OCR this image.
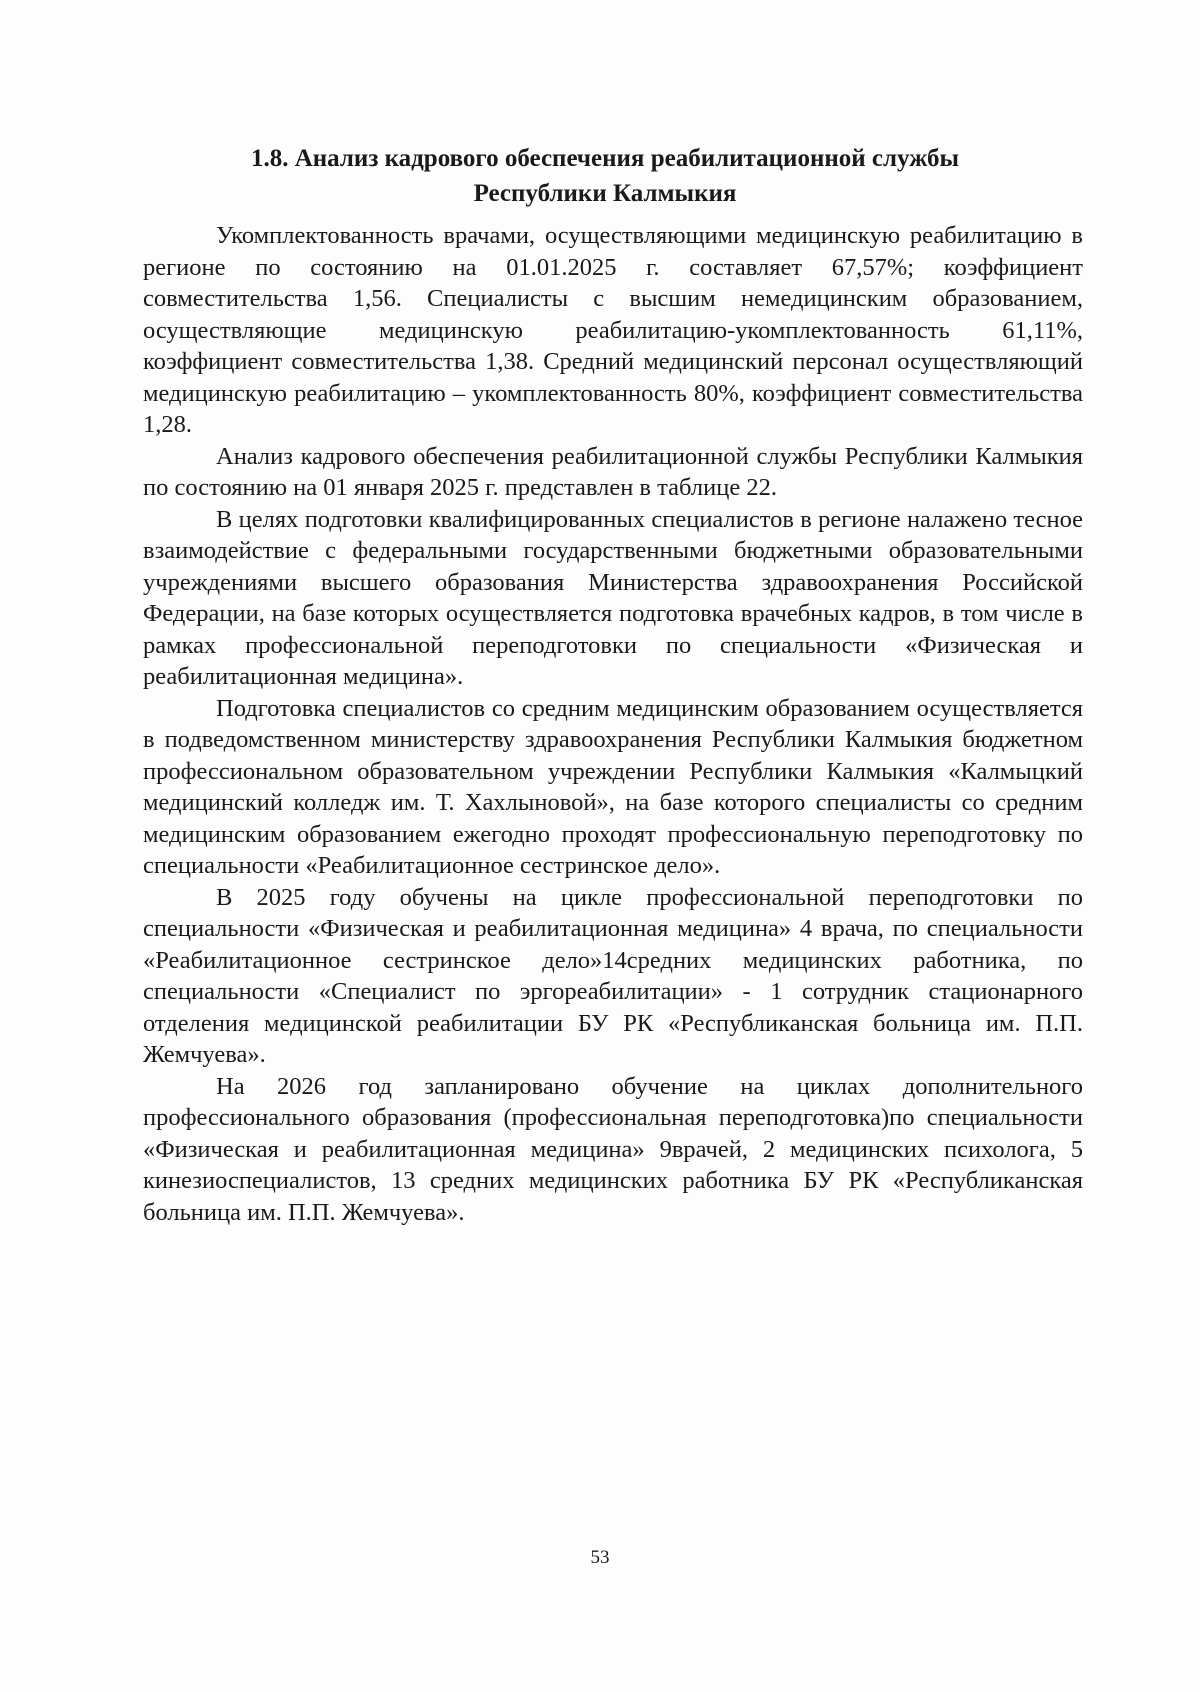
1.8. Анализ кадрового обеспечения реабилитационной службы
Республики Калмыкия

Укомплектованность врачами, осуществляющими медицинскую реабилитацию в регионе по состоянию на 01.01.2025 г. составляет 67,57%; коэффициент совместительства 1,56. Специалисты с высшим немедицинским образованием, осуществляющие медицинскую реабилитацию-укомплектованность 61,11%, коэффициент совместительства 1,38. Средний медицинский персонал осуществляющий медицинскую реабилитацию – укомплектованность 80%, коэффициент совместительства 1,28.

Анализ кадрового обеспечения реабилитационной службы Республики Калмыкия по состоянию на 01 января 2025 г. представлен в таблице 22.

В целях подготовки квалифицированных специалистов в регионе налажено тесное взаимодействие с федеральными государственными бюджетными образовательными учреждениями высшего образования Министерства здравоохранения Российской Федерации, на базе которых осуществляется подготовка врачебных кадров, в том числе в рамках профессиональной переподготовки по специальности «Физическая и реабилитационная медицина».

Подготовка специалистов со средним медицинским образованием осуществляется в подведомственном министерству здравоохранения Республики Калмыкия бюджетном профессиональном образовательном учреждении Республики Калмыкия «Калмыцкий медицинский колледж им. Т. Хахлыновой», на базе которого специалисты со средним медицинским образованием ежегодно проходят профессиональную переподготовку по специальности «Реабилитационное сестринское дело».

В 2025 году обучены на цикле профессиональной переподготовки по специальности «Физическая и реабилитационная медицина» 4 врача, по специальности «Реабилитационное сестринское дело»14средних медицинских работника, по специальности «Специалист по эргореабилитации» - 1 сотрудник стационарного отделения медицинской реабилитации БУ РК «Республиканская больница им. П.П. Жемчуева».

На 2026 год запланировано обучение на циклах дополнительного профессионального образования (профессиональная переподготовка)по специальности «Физическая и реабилитационная медицина» 9врачей, 2 медицинских психолога, 5 кинезиоспециалистов, 13 средних медицинских работника БУ РК «Республиканская больница им. П.П. Жемчуева».

53
